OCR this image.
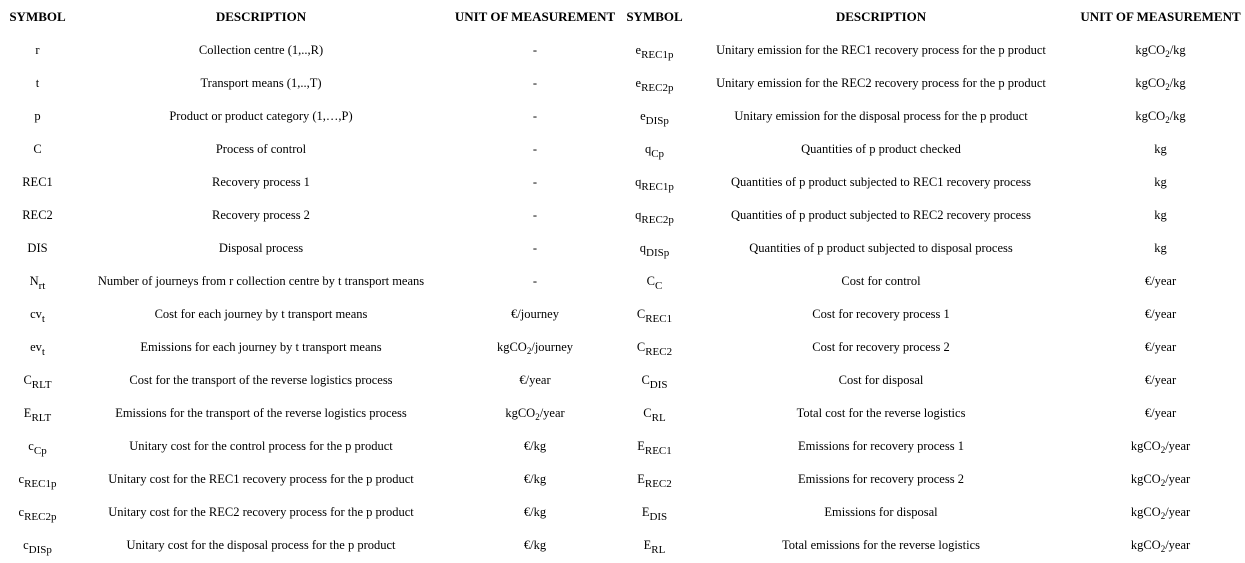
SYMBOL	DESCRIPTION	UNIT OF MEASUREMENT	SYMBOL	DESCRIPTION	UNIT OF MEASUREMENT
r	Collection centre (1,..,R)	-	eREC1p	Unitary emission for the REC1 recovery process for the p product	kgCO$_2$/kg
t	Transport means (1,..,T)	-	eREC2p	Unitary emission for the REC2 recovery process for the p product	kgCO$_2$/kg
p	Product or product category (1,…,P)	-	eDISp	Unitary emission for the disposal process for the p product	kgCO$_2$/kg
C	Process of control	-	qCp	Quantities of p product checked	kg
REC1	Recovery process 1	-	qREC1p	Quantities of p product subjected to REC1 recovery process	kg
REC2	Recovery process 2	-	qREC2p	Quantities of p product subjected to REC2 recovery process	kg
DIS	Disposal process	-	qDISp	Quantities of p product subjected to disposal process	kg
Nrt	Number of journeys from r collection centre by t transport means	-	CC	Cost for control	€/year
cvt	Cost for each journey by t transport means	€/journey	CREC1	Cost for recovery process 1	€/year
evt	Emissions for each journey by t transport means	kgCO$_2$/journey	CREC2	Cost for recovery process 2	€/year
CRLT	Cost for the transport of the reverse logistics process	€/year	CDIS	Cost for disposal	€/year
ERLT	Emissions for the transport of the reverse logistics process	kgCO$_2$/year	CRL	Total cost for the reverse logistics	€/year
cCp	Unitary cost for the control process for the p product	€/kg	EREC1	Emissions for recovery process 1	kgCO$_2$/year
cREC1p	Unitary cost for the REC1 recovery process for the p product	€/kg	EREC2	Emissions for recovery process 2	kgCO$_2$/year
cREC2p	Unitary cost for the REC2 recovery process for the p product	€/kg	EDIS	Emissions for disposal	kgCO$_2$/year
cDISp	Unitary cost for the disposal process for the p product	€/kg	ERL	Total emissions for the reverse logistics	kgCO$_2$/year
